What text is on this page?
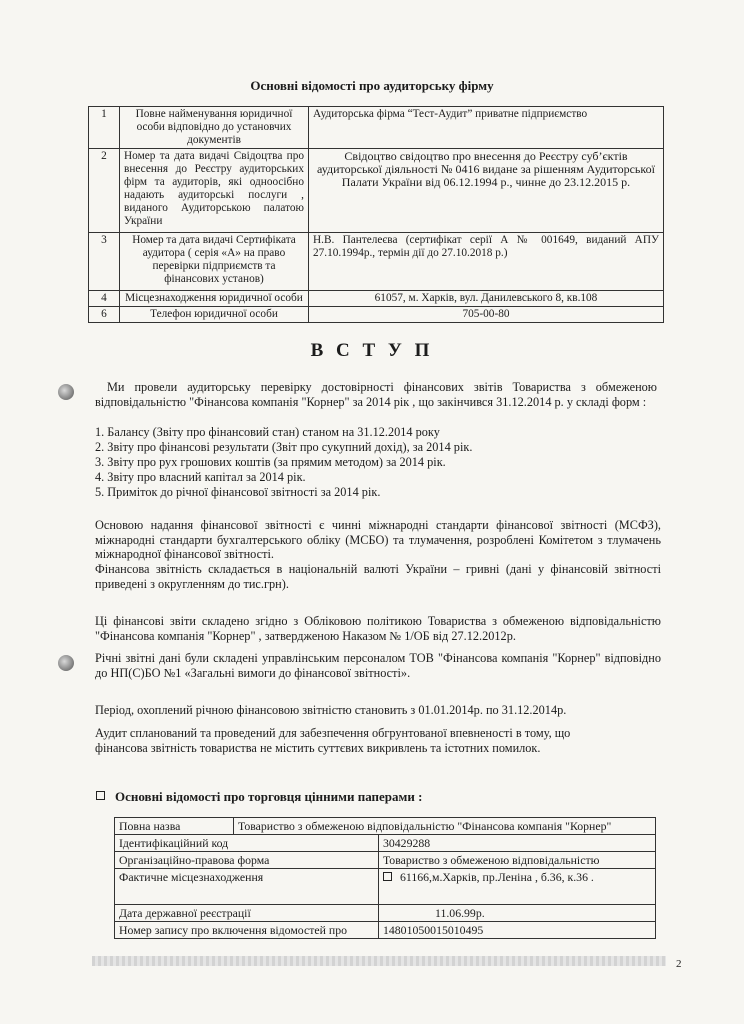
Основні відомості про аудиторську фірму
1	Повне найменування юридичної особи відповідно до установчих документів	Аудиторська фірма “Тест-Аудит” приватне підприємство
2	Номер та дата видачі Свідоцтва про внесення до Реєстру аудиторських фірм та аудиторів, які одноосібно надають аудиторські послуги , виданого Аудиторською палатою України	Свідоцтво свідоцтво про внесення до Реєстру суб’єктів аудиторської діяльності № 0416 видане за рішенням Аудиторської Палати України від 06.12.1994 р., чинне до 23.12.2015 р.
3	Номер та дата видачі Сертифіката аудитора ( серія «А» на право перевірки підприємств та фінансових установ)	Н.В. Пантелеєва (сертифікат серії А № 001649, виданий АПУ 27.10.1994р., термін дії до 27.10.2018 р.)
4	Місцезнаходження юридичної особи	61057, м. Харків, вул. Данилевського 8, кв.108
6	Телефон юридичної особи	705-00-80
В С Т У П
Ми провели аудиторську перевірку достовірності фінансових звітів Товариства з обмеженою відповідальністю "Фінансова компанія "Корнер" за 2014 рік , що закінчився 31.12.2014 р. у складі форм :
1. Балансу (Звіту про фінансовий стан) станом на 31.12.2014 року
2. Звіту про фінансові результати (Звіт про сукупний дохід), за 2014 рік.
3. Звіту про рух грошових коштів (за прямим методом) за 2014 рік.
4. Звіту про власний капітал за 2014 рік.
5. Приміток до річної фінансової звітності за 2014 рік.
Основою надання фінансової звітності є чинні міжнародні стандарти фінансової звітності (МСФЗ), міжнародні стандарти бухгалтерського обліку (МСБО) та тлумачення, розроблені Комітетом з тлумачень міжнародної фінансової звітності.
Фінансова звітність складається в національній валюті України – гривні (дані у фінансовій звітності приведені з округленням до тис.грн).
Ці фінансові звіти складено згідно з Обліковою політикою Товариства з обмеженою відповідальністю "Фінансова компанія "Корнер" , затвердженою Наказом № 1/ОБ від 27.12.2012р.
Річні звітні дані були складені управлінським персоналом ТОВ "Фінансова компанія "Корнер" відповідно до НП(С)БО №1 «Загальні вимоги до фінансової звітності».
Період, охоплений річною фінансовою звітністю становить з 01.01.2014р. по 31.12.2014р.
Аудит спланований та проведений для забезпечення обгрунтованої впевненості в тому, що фінансова звітність товариства не містить суттєвих викривлень та істотних помилок.
Основні відомості про торговця цінними паперами :
Повна назва	Товариство з обмеженою відповідальністю "Фінансова компанія "Корнер"	
Ідентифікаційний код		30429288
Організаційно-правова форма		Товариство з обмеженою відповідальністю
Фактичне місцезнаходження		61166,м.Харків, пр.Леніна , б.36, к.36 .
Дата державної реєстрації		11.06.99р.
Номер запису про включення відомостей про		14801050015010495
2
